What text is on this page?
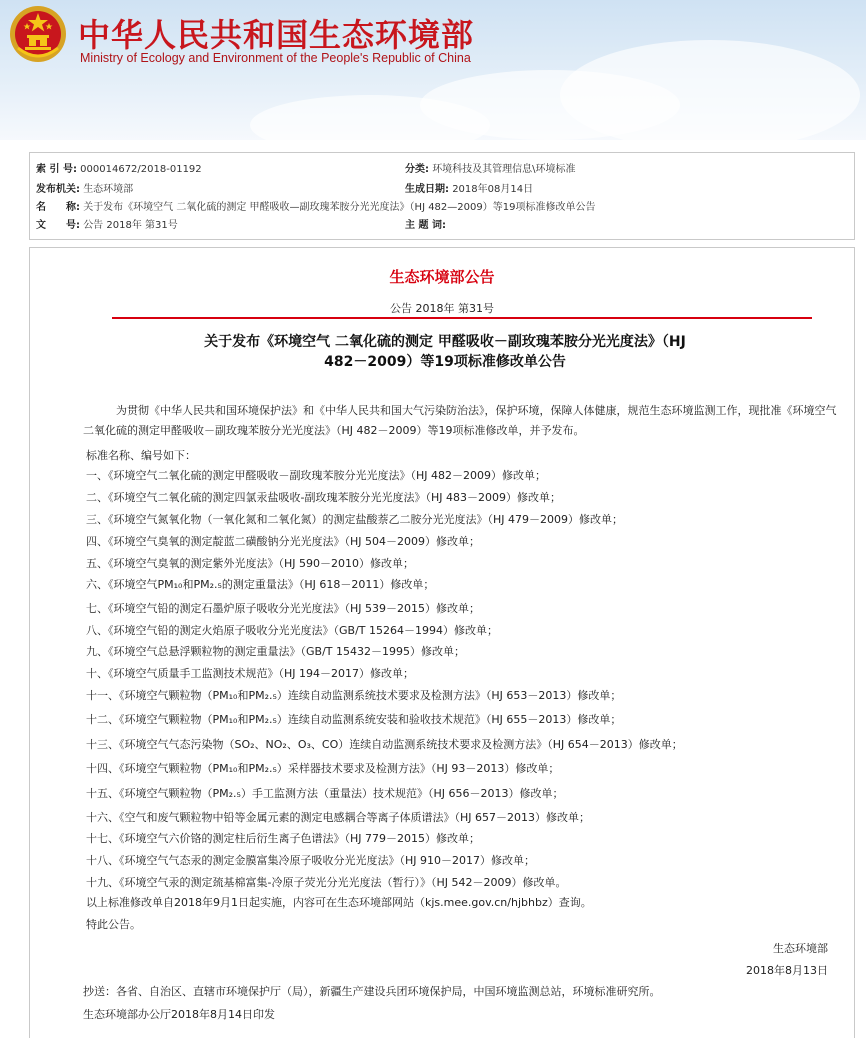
中华人民共和国生态环境部
Ministry of Ecology and Environment of the People's Republic of China
索 引 号: 000014672/2018-01192	分类: 环境科技及其管理信息\环境标准
发布机关: 生态环境部	生成日期: 2018年08月14日
名　　称: 关于发布《环境空气 二氧化硫的测定 甲醛吸收—副玫瑰苯胺分光光度法》（HJ 482—2009）等19项标准修改单公告
文　　号: 公告 2018年 第31号	主 题 词:
生态环境部公告
公告 2018年 第31号
关于发布《环境空气 二氧化硫的测定 甲醛吸收－副玫瑰苯胺分光光度法》（HJ
482－2009）等19项标准修改单公告
为贯彻《中华人民共和国环境保护法》和《中华人民共和国大气污染防治法》，保护环境，保障人体健康，规范生态环境监测工作，现批准《环境空气二氧化硫的测定甲醛吸收－副玫瑰苯胺分光光度法》（HJ 482－2009）等19项标准修改单，并予发布。
标准名称、编号如下：
一、《环境空气二氧化硫的测定甲醛吸收－副玫瑰苯胺分光光度法》（HJ 482－2009）修改单；
二、《环境空气二氧化硫的测定四氯汞盐吸收-副玫瑰苯胺分光光度法》（HJ 483－2009）修改单；
三、《环境空气氮氧化物（一氧化氮和二氧化氮）的测定盐酸萘乙二胺分光光度法》（HJ 479－2009）修改单；
四、《环境空气臭氧的测定靛蓝二磺酸钠分光光度法》（HJ 504－2009）修改单；
五、《环境空气臭氧的测定紫外光度法》（HJ 590－2010）修改单；
六、《环境空气PM₁₀和PM₂.₅的测定重量法》（HJ 618－2011）修改单；
七、《环境空气铅的测定石墨炉原子吸收分光光度法》（HJ 539－2015）修改单；
八、《环境空气铅的测定火焰原子吸收分光光度法》（GB/T 15264－1994）修改单；
九、《环境空气总悬浮颗粒物的测定重量法》（GB/T 15432－1995）修改单；
十、《环境空气质量手工监测技术规范》（HJ 194－2017）修改单；
十一、《环境空气颗粒物（PM₁₀和PM₂.₅）连续自动监测系统技术要求及检测方法》（HJ 653－2013）修改单；
十二、《环境空气颗粒物（PM₁₀和PM₂.₅）连续自动监测系统安装和验收技术规范》（HJ 655－2013）修改单；
十三、《环境空气气态污染物（SO₂、NO₂、O₃、CO）连续自动监测系统技术要求及检测方法》（HJ 654－2013）修改单；
十四、《环境空气颗粒物（PM₁₀和PM₂.₅）采样器技术要求及检测方法》（HJ 93－2013）修改单；
十五、《环境空气颗粒物（PM₂.₅）手工监测方法（重量法）技术规范》（HJ 656－2013）修改单；
十六、《空气和废气颗粒物中铅等金属元素的测定电感耦合等离子体质谱法》（HJ 657－2013）修改单；
十七、《环境空气六价铬的测定柱后衍生离子色谱法》（HJ 779－2015）修改单；
十八、《环境空气气态汞的测定金膜富集冷原子吸收分光光度法》（HJ 910－2017）修改单；
十九、《环境空气汞的测定巯基棉富集-冷原子荧光分光光度法（暂行）》（HJ 542－2009）修改单。
以上标准修改单自2018年9月1日起实施，内容可在生态环境部网站（kjs.mee.gov.cn/hjbhbz）查询。
特此公告。
生态环境部
2018年8月13日
抄送：各省、自治区、直辖市环境保护厅（局），新疆生产建设兵团环境保护局，中国环境监测总站，环境标准研究所。
生态环境部办公厅2018年8月14日印发
